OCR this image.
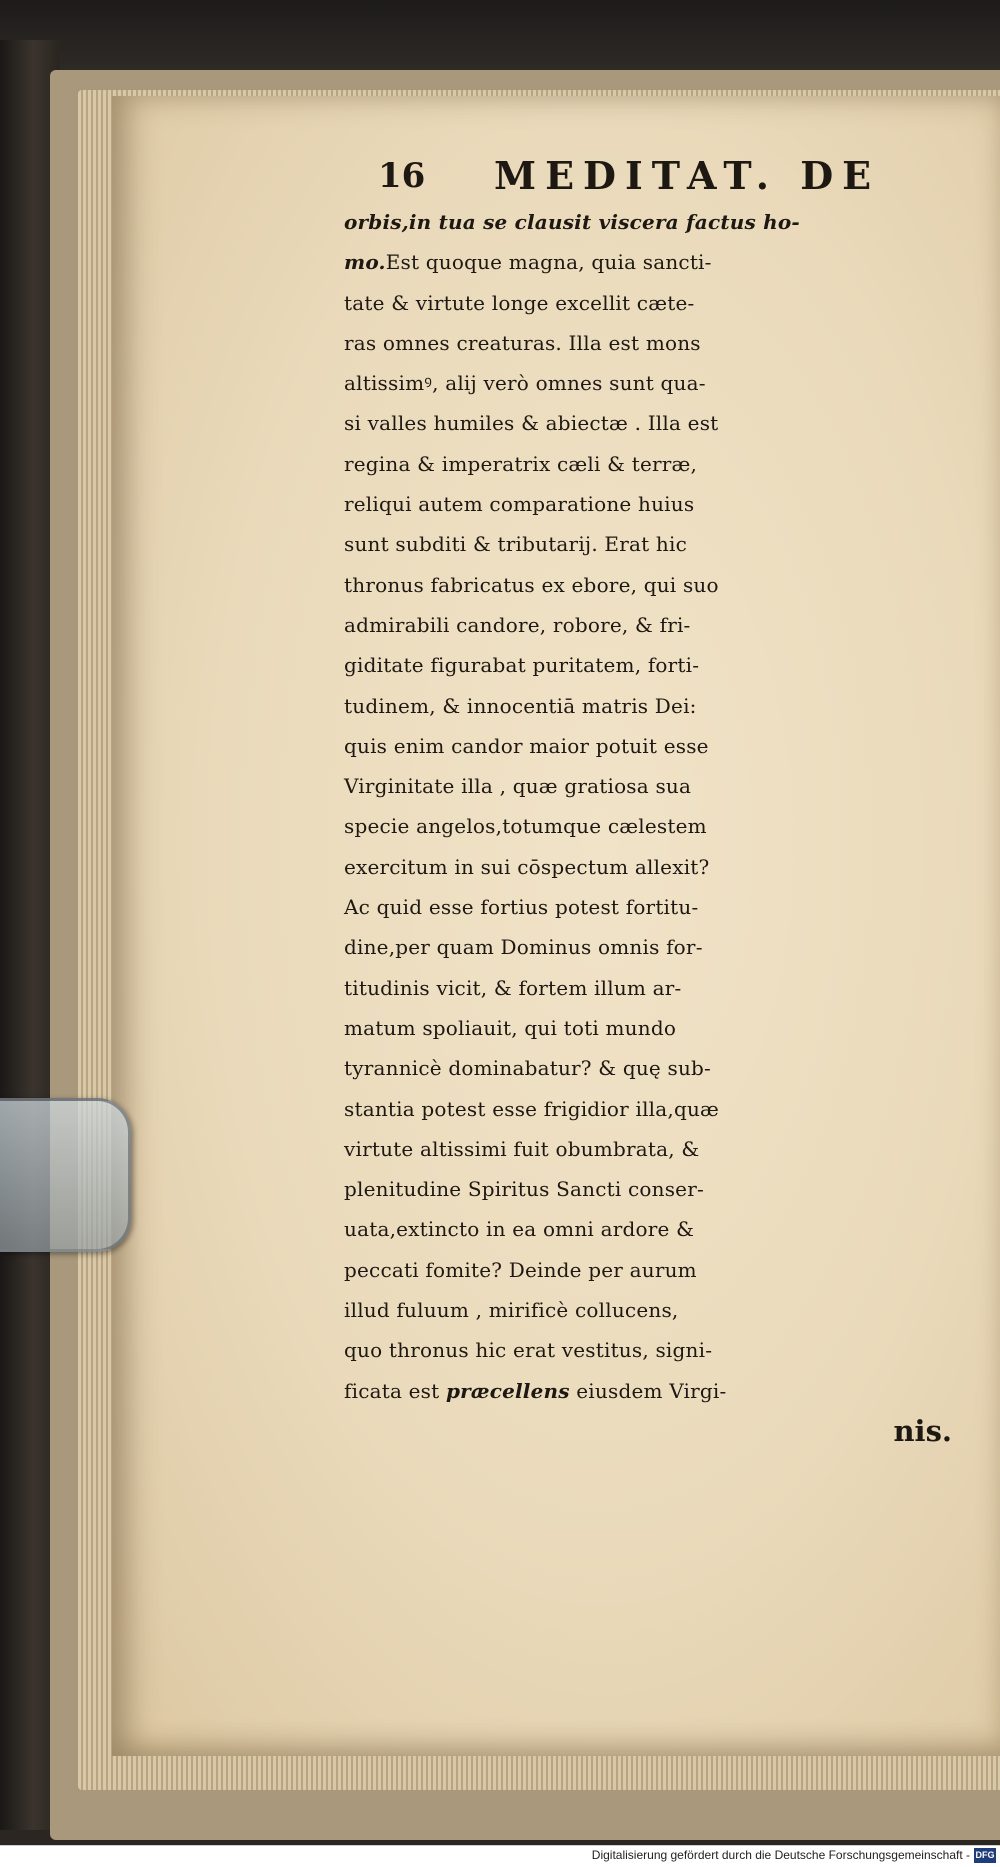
16 MEDITAT. DE
orbis,in tua se clausit viscera factus ho-
mo.Est quoque magna, quia sancti-
tate & virtute longe excellit cæte-
ras omnes creaturas. Illa est mons
altissimꝰ, alij verò omnes sunt qua-
si valles humiles & abiectæ . Illa est
regina & imperatrix cæli & terræ,
reliqui autem comparatione huius
sunt subditi & tributarij. Erat hic
thronus fabricatus ex ebore, qui suo
admirabili candore, robore, & fri-
giditate figurabat puritatem, forti-
tudinem, & innocentiā matris Dei:
quis enim candor maior potuit esse
Virginitate illa , quæ gratiosa sua
specie angelos,totumque cælestem
exercitum in sui cōspectum allexit?
Ac quid esse fortius potest fortitu-
dine,per quam Dominus omnis for-
titudinis vicit, & fortem illum ar-
matum spoliauit, qui toti mundo
tyrannicè dominabatur? & quę sub-
stantia potest esse frigidior illa,quæ
virtute altissimi fuit obumbrata, &
plenitudine Spiritus Sancti conser-
uata,extincto in ea omni ardore &
peccati fomite? Deinde per aurum
illud fuluum , mirificè collucens,
quo thronus hic erat vestitus, signi-
ficata est præcellens eiusdem Virgi-
nis.
Digitalisierung gefördert durch die Deutsche Forschungsgemeinschaft - DFG
